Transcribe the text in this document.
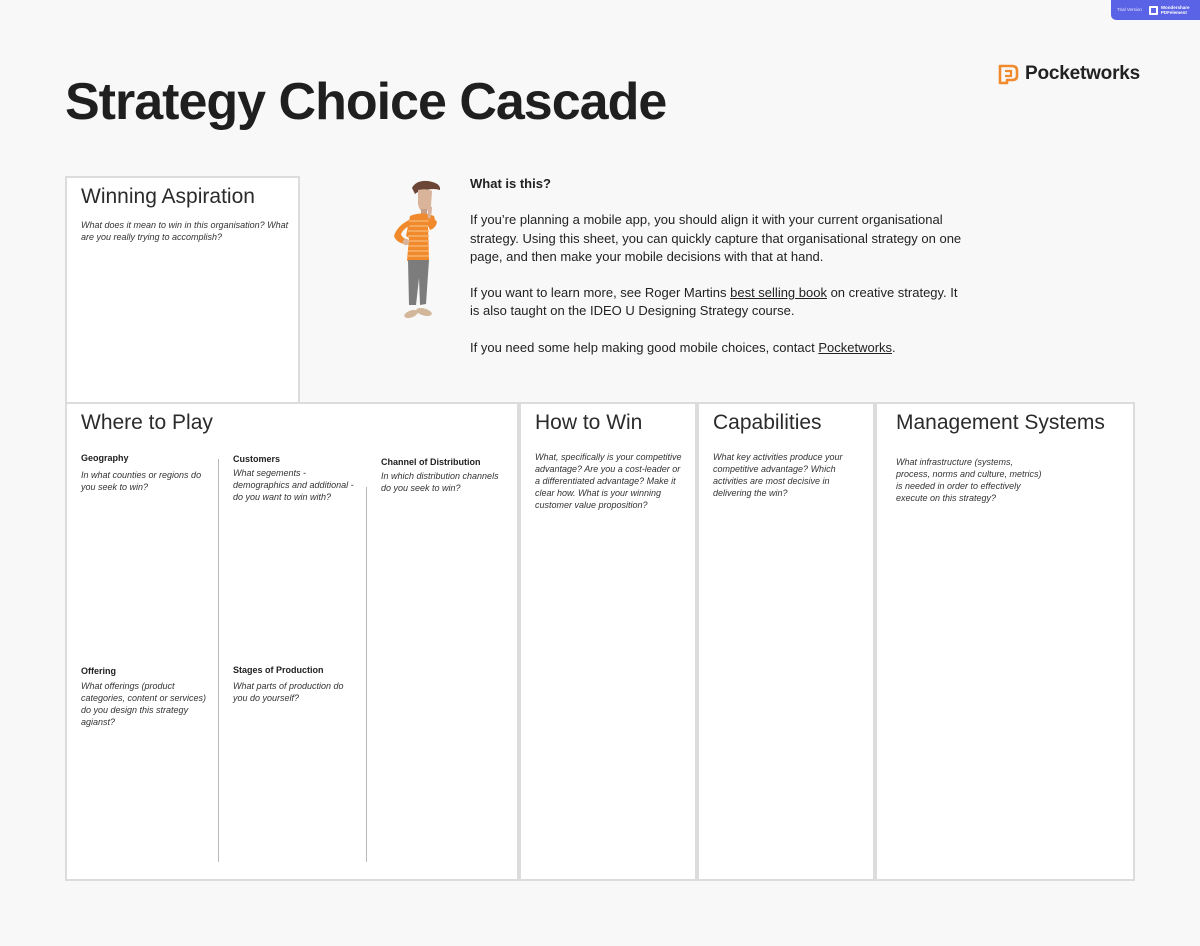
Trial Version	Wondershare
PDFelement
Pocketworks
Strategy Choice Cascade
Winning Aspiration

What does it mean to win in this organisation? What are you really trying to accomplish?

What is this?

If you’re planning a mobile app, you should align it with your current organisational strategy. Using this sheet, you can quickly capture that organisational strategy on one page, and then make your mobile decisions with that at hand.

If you want to learn more, see Roger Martins best selling book on creative strategy. It is also taught on the IDEO U Designing Strategy course.

If you need some help making good mobile choices, contact Pocketworks.

Where to Play

Geography

In what counties or regions do you seek to win?

Customers

What segements - demographics and additional - do you want to win with?

Channel of Distribution

In which distribution channels do you seek to win?

Offering

What offerings (product categories, content or services) do you design this strategy agianst?

Stages of Production

What parts of production do you do yourself?

How to Win

What, specifically is your competitive advantage? Are you a cost-leader or a differentiated advantage? Make it clear how. What is your winning customer value proposition?

Capabilities

What key activities produce your competitive advantage? Which activities are most decisive in delivering the win?

Management Systems

What infrastructure (systems, process, norms and culture, metrics) is needed in order to effectively execute on this strategy?
